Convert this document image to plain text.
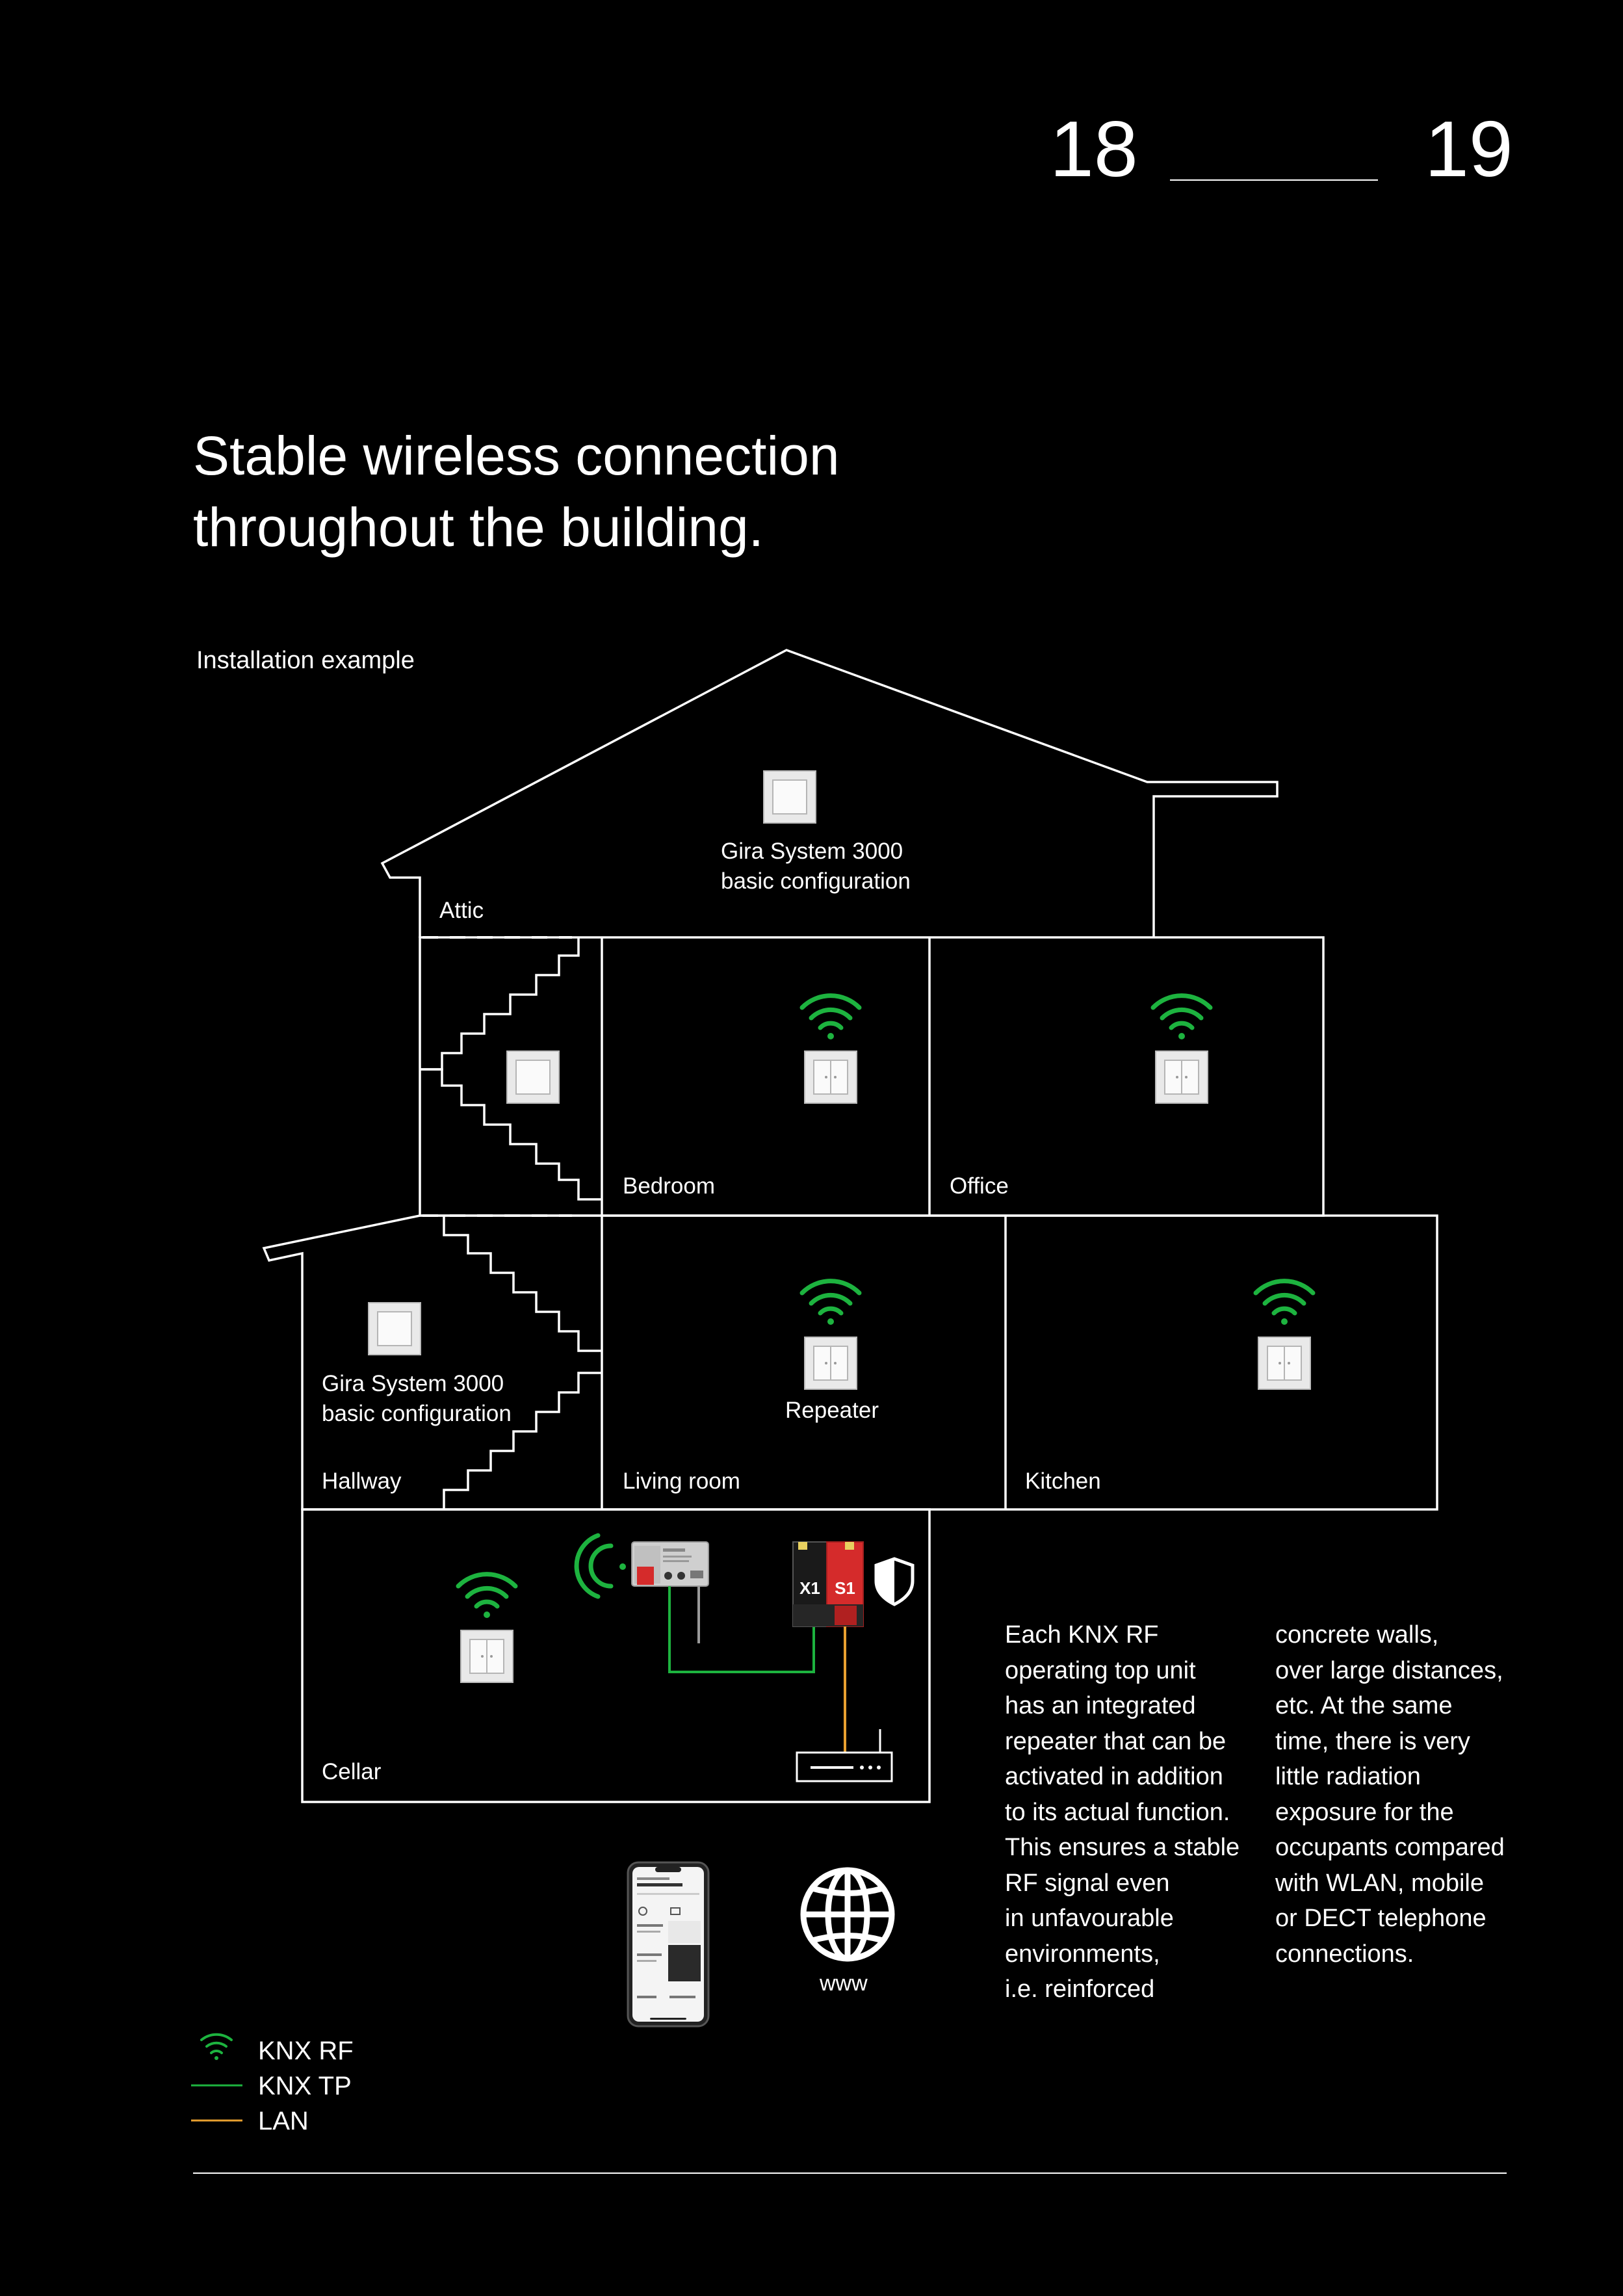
18	19
Stable wireless connection
throughout the building.
Installation example
X1 S1
Attic
Bedroom	Office
Hallway	Living room	Kitchen
Cellar
Gira System 3000
basic configuration
Gira System 3000
basic configuration	Repeater
www
Each KNX RF
operating top unit
has an integrated
repeater that can be
activated in addition
to its actual function.
This ensures a stable
RF signal even
in unfavourable
environments,
i.e. reinforced
concrete walls,
over large distances,
etc. At the same
time, there is very
little radiation
exposure for the
occupants compared
with WLAN, mobile
or DECT telephone
connections.
KNX RF
KNX TP
LAN
